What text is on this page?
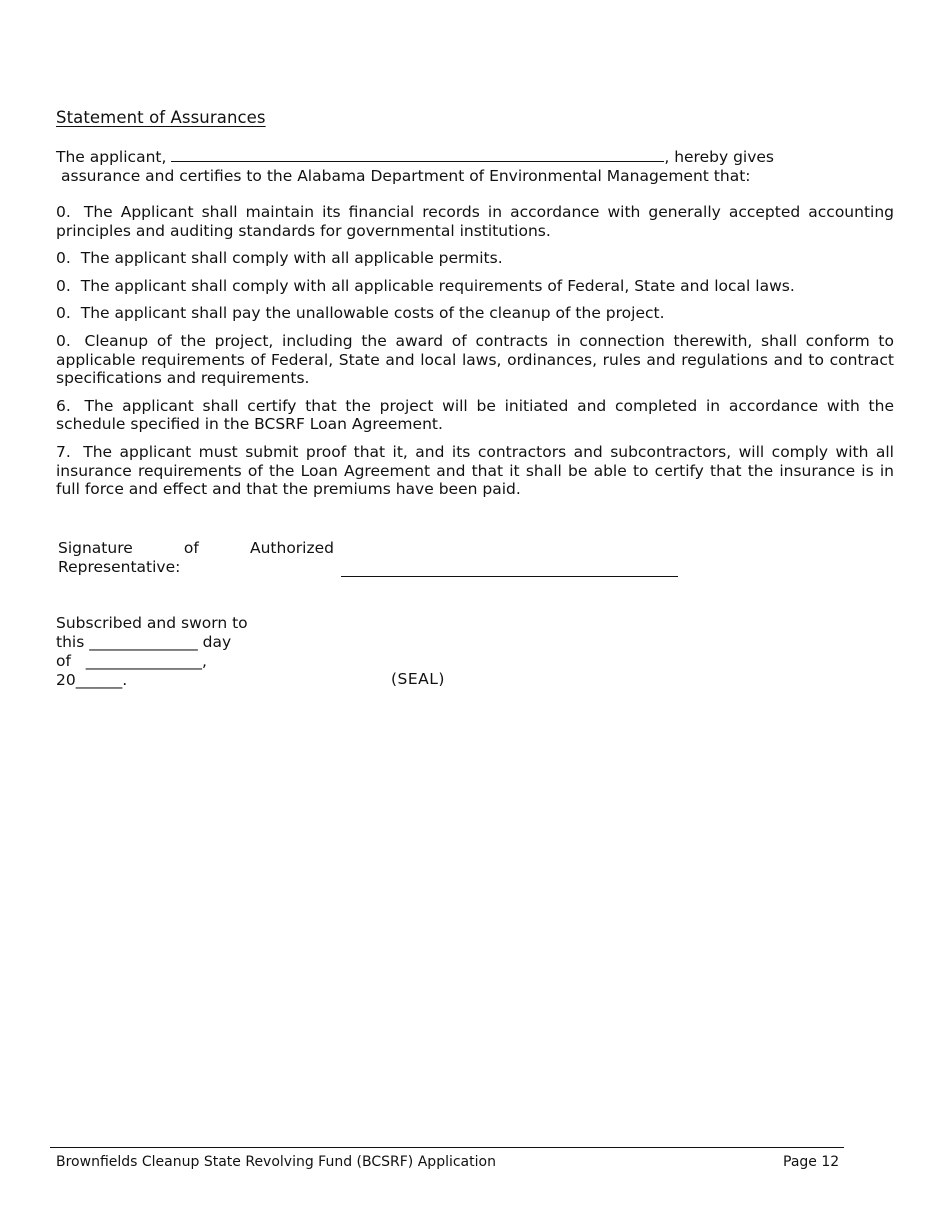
Statement of Assurances
The applicant,	, hereby gives
assurance and certifies to the Alabama Department of Environmental Management that:
0. The Applicant shall maintain its financial records in accordance with generally accepted accounting principles and auditing standards for governmental institutions.
0. The applicant shall comply with all applicable permits.
0. The applicant shall comply with all applicable requirements of Federal, State and local laws.
0. The applicant shall pay the unallowable costs of the cleanup of the project.
0. Cleanup of the project, including the award of contracts in connection therewith, shall conform to applicable requirements of Federal, State and local laws, ordinances, rules and regulations and to contract specifications and requirements.
6. The applicant shall certify that the project will be initiated and completed in accordance with the schedule specified in the BCSRF Loan Agreement.
7. The applicant must submit proof that it, and its contractors and subcontractors, will comply with all insurance requirements of the Loan Agreement and that it shall be able to certify that the insurance is in full force and effect and that the premiums have been paid.
Signature of Authorized Representative:
Subscribed and sworn to
this ______________ day
of   _______________,
20______.	(SEAL)
Brownfields Cleanup State Revolving Fund (BCSRF) Application	Page 12
